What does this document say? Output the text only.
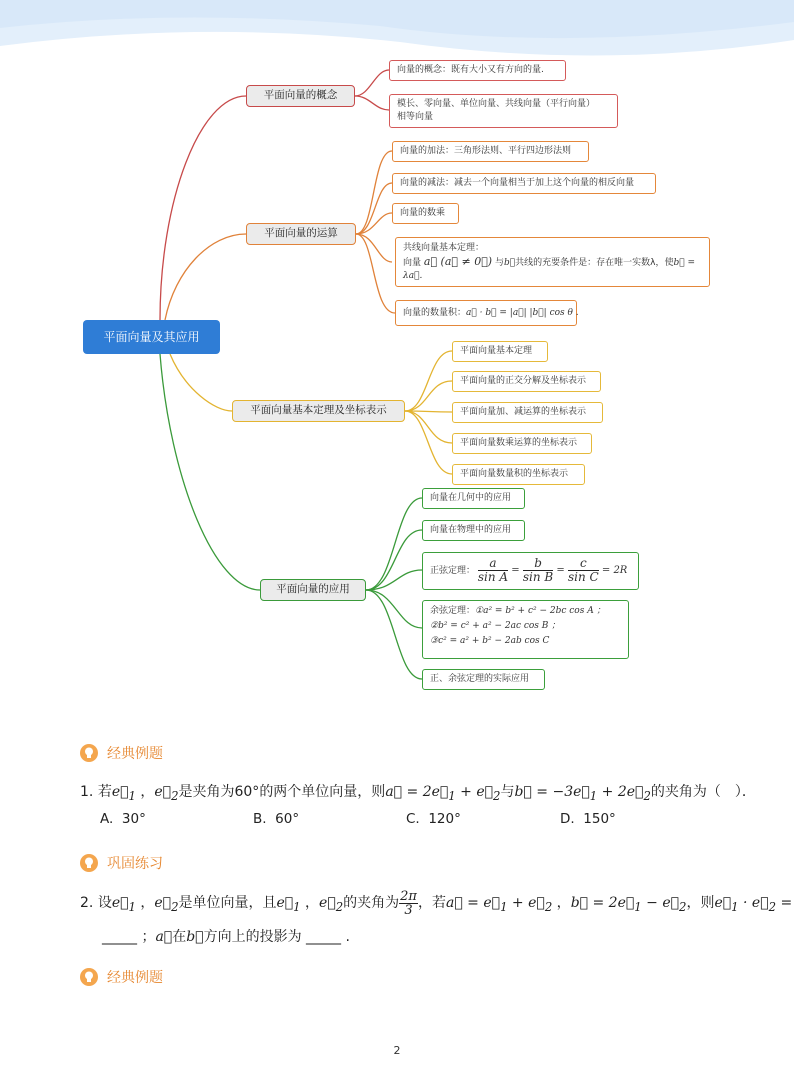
平面向量及其应用
平面向量的概念
向量的概念：既有大小又有方向的量.
模长、零向量、单位向量、共线向量（平行向量）
相等向量
平面向量的运算
向量的加法：三角形法则、平行四边形法则
向量的减法：减去一个向量相当于加上这个向量的相反向量
向量的数乘
共线向量基本定理：
向量 a⃗ (a⃗ ≠ 0⃗) 与b⃗共线的充要条件是：存在唯一实数λ，使b⃗ = λa⃗.
向量的数量积：a⃗ · b⃗ = |a⃗| |b⃗| cos θ .
平面向量基本定理及坐标表示
平面向量基本定理
平面向量的正交分解及坐标表示
平面向量加、减运算的坐标表示
平面向量数乘运算的坐标表示
平面向量数量积的坐标表示
平面向量的应用
向量在几何中的应用
向量在物理中的应用
正弦定理： $\frac{a}{\text{sin A}} = \frac{b}{\text{sin B}} = \frac{c}{\text{sin C}} = 2R$
余弦定理：①a² = b² + c² − 2bc cos A ；
②b² = c² + a² − 2ac cos B ；
③c² = a² + b² − 2ab cos C
正、余弦定理的实际应用
经典例题
1. 若$e⃗_1$ ，$e⃗_2$是夹角为60°的两个单位向量，则a⃗ = $2e⃗_1$ + $e⃗_2$与b⃗ = $-3e⃗_1$ + $2e⃗_2$的夹角为（　）．
A. 30°	B. 60°	C. 120°	D. 150°
巩固练习
2. 设$e⃗_1$ ，$e⃗_2$是单位向量，且$e⃗_1$ ，$e⃗_2$的夹角为 $\frac{2\pi}{3}$ ，若a⃗ = $e⃗_1$ + $e⃗_2$ ，b⃗ = $2e⃗_1$ − $e⃗_2$，则$e⃗_1$ · $e⃗_2$ =
_____ ；a⃗在b⃗方向上的投影为 _____ .
经典例题
2
